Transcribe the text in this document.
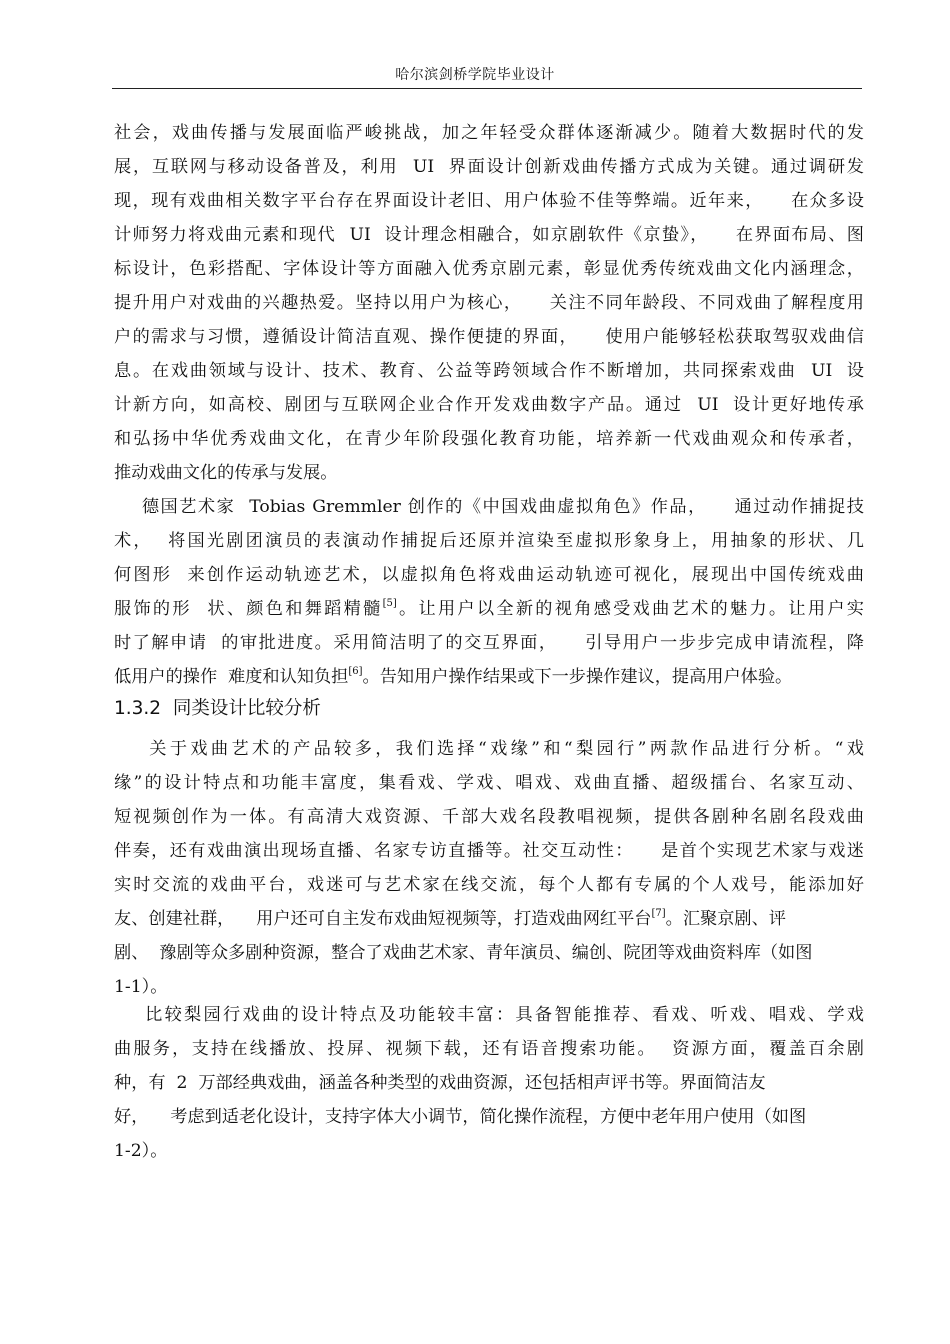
哈尔滨剑桥学院毕业设计
社会，戏曲传播与发展面临严峻挑战，加之年轻受众群体逐渐减少。随着大数据时代的发
展，互联网与移动设备普及，利用  UI  界面设计创新戏曲传播方式成为关键。通过调研发
现，现有戏曲相关数字平台存在界面设计老旧、用户体验不佳等弊端。近年来，    在众多设
计师努力将戏曲元素和现代  UI  设计理念相融合，如京剧软件《京蛰》，    在界面布局、图
标设计，色彩搭配、字体设计等方面融入优秀京剧元素，彰显优秀传统戏曲文化内涵理念，
提升用户对戏曲的兴趣热爱。坚持以用户为核心，    关注不同年龄段、不同戏曲了解程度用
户的需求与习惯，遵循设计简洁直观、操作便捷的界面，    使用户能够轻松获取驾驭戏曲信
息。在戏曲领域与设计、技术、教育、公益等跨领域合作不断增加，共同探索戏曲  UI  设
计新方向，如高校、剧团与互联网企业合作开发戏曲数字产品。通过  UI  设计更好地传承
和弘扬中华优秀戏曲文化，在青少年阶段强化教育功能，培养新一代戏曲观众和传承者，
推动戏曲文化的传承与发展。
德国艺术家  Tobias Gremmler 创作的《中国戏曲虚拟角色》作品，    通过动作捕捉技
术，  将国光剧团演员的表演动作捕捉后还原并渲染至虚拟形象身上，用抽象的形状、几
何图形  来创作运动轨迹艺术，以虚拟角色将戏曲运动轨迹可视化，展现出中国传统戏曲
服饰的形  状、颜色和舞蹈精髓[5]。让用户以全新的视角感受戏曲艺术的魅力。让用户实
时了解申请  的审批进度。采用简洁明了的交互界面，    引导用户一步步完成申请流程，降
低用户的操作  难度和认知负担[6]。告知用户操作结果或下一步操作建议，提高用户体验。
1.3.2 同类设计比较分析
关于戏曲艺术的产品较多，我们选择“戏缘”和“梨园行”两款作品进行分析。“戏
缘”的设计特点和功能丰富度，集看戏、学戏、唱戏、戏曲直播、超级擂台、名家互动、
短视频创作为一体。有高清大戏资源、千部大戏名段教唱视频，提供各剧种名剧名段戏曲
伴奏，还有戏曲演出现场直播、名家专访直播等。社交互动性：    是首个实现艺术家与戏迷
实时交流的戏曲平台，戏迷可与艺术家在线交流，每个人都有专属的个人戏号，能添加好
友、创建社群，    用户还可自主发布戏曲短视频等，打造戏曲网红平台[7]。汇聚京剧、评
剧、  豫剧等众多剧种资源，整合了戏曲艺术家、青年演员、编创、院团等戏曲资料库（如图
1-1）。
比较梨园行戏曲的设计特点及功能较丰富：具备智能推荐、看戏、听戏、唱戏、学戏
曲服务，支持在线播放、投屏、视频下载，还有语音搜索功能。  资源方面，覆盖百余剧
种，有  2  万部经典戏曲，涵盖各种类型的戏曲资源，还包括相声评书等。界面简洁友
好，    考虑到适老化设计，支持字体大小调节，简化操作流程，方便中老年用户使用（如图
1-2）。
